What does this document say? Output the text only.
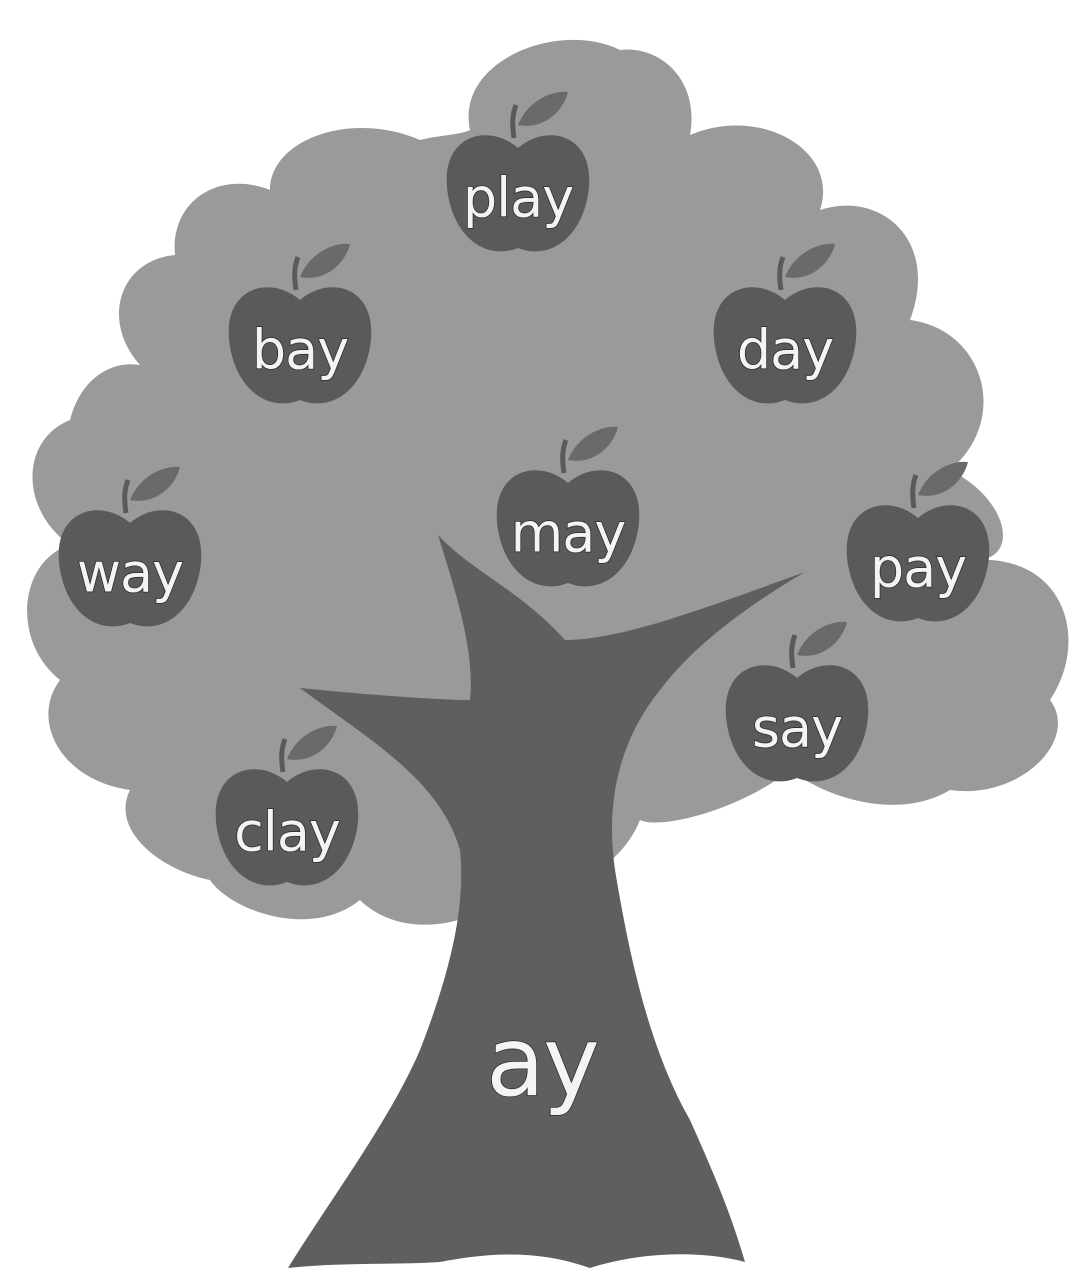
ay
play
bay	day
may
way	pay
say
clay
